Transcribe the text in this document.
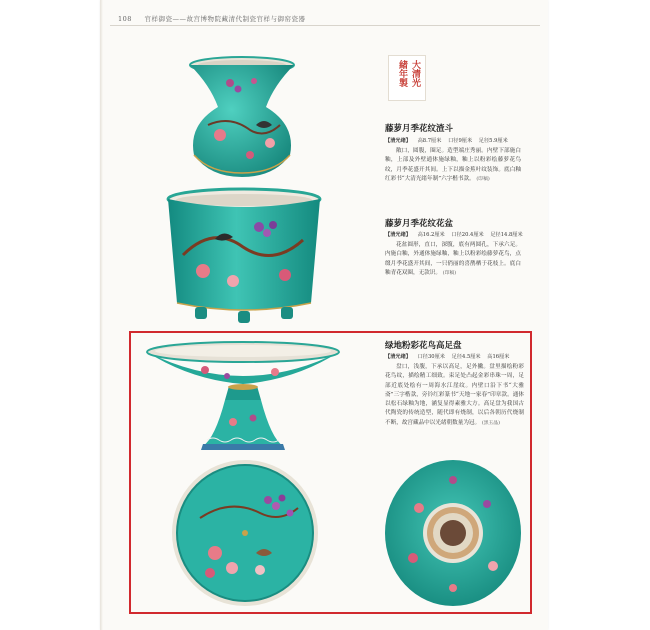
108 官样御瓷——故宫博物院藏清代制瓷官样与御窑瓷器
大清光
緒年製
藤萝月季花纹渣斗
【清光绪】 高8.7厘米 口径9厘米 足径5.9厘米
敞口，圆腹，圈足。造型端庄秀丽。内壁下部施白釉，上部及外壁通体施绿釉，釉上以粉彩绘藤萝花鸟纹，月季花盛开其间。上下以描金蕉叶纹装饰。底白釉红彩书“大清光绪年制”六字楷书款。 (印稿)
藤萝月季花纹花盆
【清光绪】 高16.2厘米 口径20.4厘米 足径14.8厘米
花盆圆形，直口，深腹，底有两圆孔，下承六足。内施白釉，外通体施绿釉，釉上以粉彩绘藤萝花鸟，点缀月季花盛开其间，一只俏丽的喜鹊栖于花枝上。底白釉青花双圈，无款识。 (印稿)
绿地粉彩花鸟高足盘
【清光绪】 口径30厘米 足径4.5厘米 高16厘米
盘口，浅腹，下承以高足，足外撇。盘里描绘粉彩花鸟纹，描绘精工细致。束足处凸起金彩串珠一周，足部近底处绘有一周海水江崖纹。内壁口沿下书“大雅斋”三字楷款，旁钤红彩篆书“天地一家春”印章款。通体以松石绿釉为地，涵复显得素雅大方。高足盘为我国古代陶瓷的传统造型，随代即有烧制，以后各朝历代烧制不断，故宫藏品中以光绪朝数量为冠。 (黑玉晶)
